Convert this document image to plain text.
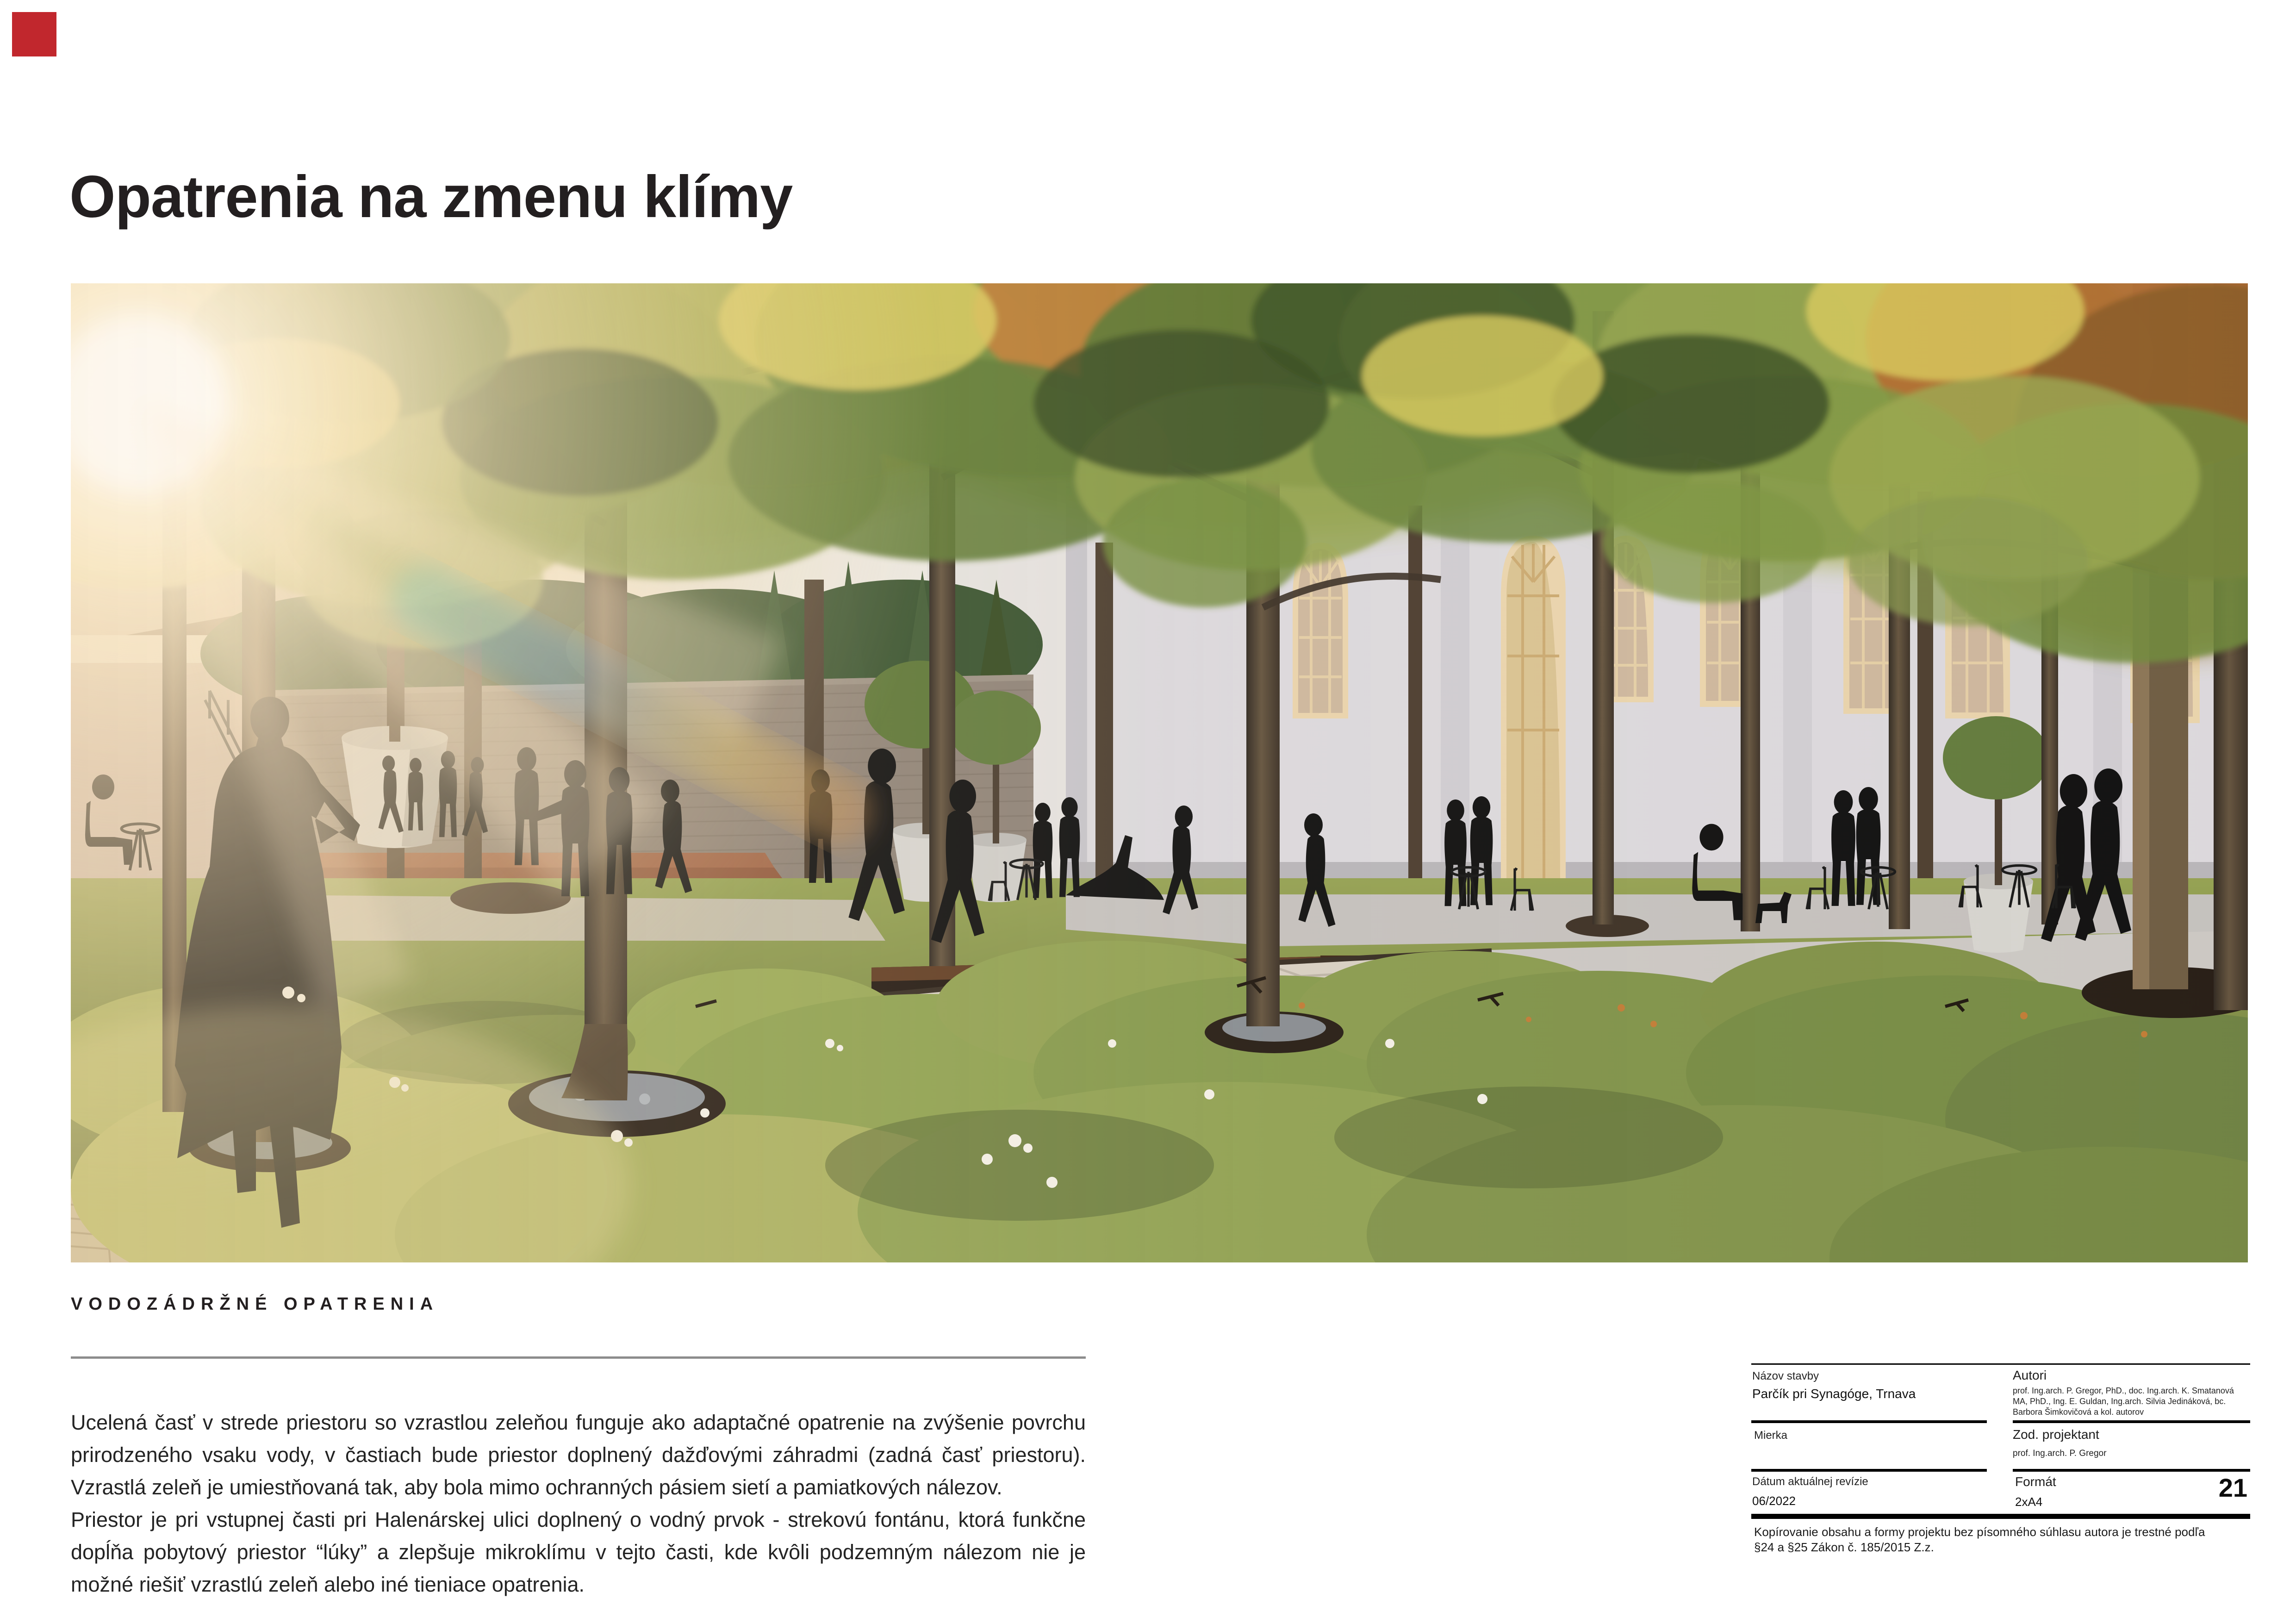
Opatrenia na zmenu klímy
VODOZÁDRŽNÉ OPATRENIA
Ucelená časť v strede priestoru so vzrastlou zeleňou funguje ako adaptačné opatrenie na zvýšenie povrchu
prirodzeného vsaku vody, v častiach bude priestor doplnený dažďovými záhradmi (zadná časť priestoru).
Vzrastlá zeleň je umiestňovaná tak, aby bola mimo ochranných pásiem sietí a pamiatkových nálezov.
Priestor je pri vstupnej časti pri Halenárskej ulici doplnený o vodný prvok - strekovú fontánu, ktorá funkčne
dopĺňa pobytový priestor “lúky” a zlepšuje mikroklímu v tejto časti, kde kvôli podzemným nálezom nie je
možné riešiť vzrastlú zeleň alebo iné tieniace opatrenia.
Názov stavby
Parčík pri Synagóge, Trnava
Autori
prof. Ing.arch. P. Gregor, PhD., doc. Ing.arch. K. Smatanová
MA, PhD., Ing. E. Guldan, Ing.arch. Silvia Jedináková, bc.
Barbora Šimkovičová a kol. autorov
Mierka	Zod. projektant
prof. Ing.arch. P. Gregor
Dátum aktuálnej revízie
06/2022
Formát
2xA4	21
Kopírovanie obsahu a formy projektu bez písomného súhlasu autora je trestné podľa
§24 a §25 Zákon č. 185/2015 Z.z.
